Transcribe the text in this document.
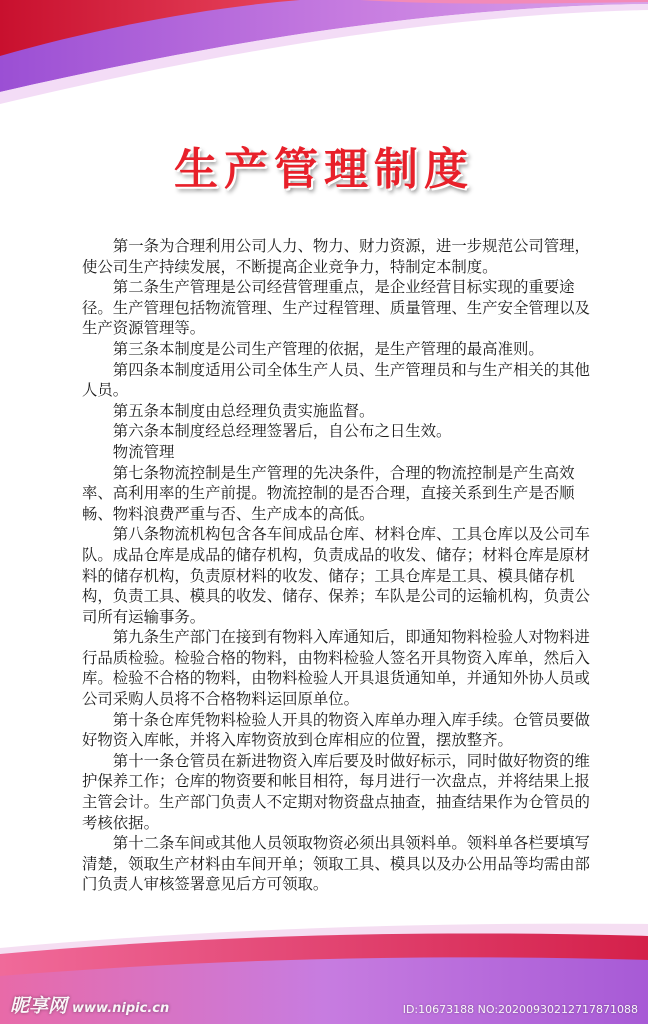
生产管理制度

第一条为合理利用公司人力、物力、财力资源，进一步规范公司管理，使公司生产持续发展，不断提高企业竞争力，特制定本制度。

第二条生产管理是公司经营管理重点，是企业经营目标实现的重要途径。生产管理包括物流管理、生产过程管理、质量管理、生产安全管理以及生产资源管理等。

第三条本制度是公司生产管理的依据，是生产管理的最高准则。

第四条本制度适用公司全体生产人员、生产管理员和与生产相关的其他人员。

第五条本制度由总经理负责实施监督。

第六条本制度经总经理签署后，自公布之日生效。

物流管理

第七条物流控制是生产管理的先决条件，合理的物流控制是产生高效率、高利用率的生产前提。物流控制的是否合理，直接关系到生产是否顺畅、物料浪费严重与否、生产成本的高低。

第八条物流机构包含各车间成品仓库、材料仓库、工具仓库以及公司车队。成品仓库是成品的储存机构，负责成品的收发、储存；材料仓库是原材料的储存机构，负责原材料的收发、储存；工具仓库是工具、模具储存机构，负责工具、模具的收发、储存、保养；车队是公司的运输机构，负责公司所有运输事务。

第九条生产部门在接到有物料入库通知后，即通知物料检验人对物料进行品质检验。检验合格的物料，由物料检验人签名开具物资入库单，然后入库。检验不合格的物料，由物料检验人开具退货通知单，并通知外协人员或公司采购人员将不合格物料运回原单位。

第十条仓库凭物料检验人开具的物资入库单办理入库手续。仓管员要做好物资入库帐，并将入库物资放到仓库相应的位置，摆放整齐。

第十一条仓管员在新进物资入库后要及时做好标示，同时做好物资的维护保养工作；仓库的物资要和帐目相符，每月进行一次盘点，并将结果上报主管会计。生产部门负责人不定期对物资盘点抽查，抽查结果作为仓管员的考核依据。

第十二条车间或其他人员领取物资必须出具领料单。领料单各栏要填写清楚，领取生产材料由车间开单；领取工具、模具以及办公用品等均需由部门负责人审核签署意见后方可领取。

昵享网 www.nipic.cn	ID:10673188 NO:20200930212717871088
